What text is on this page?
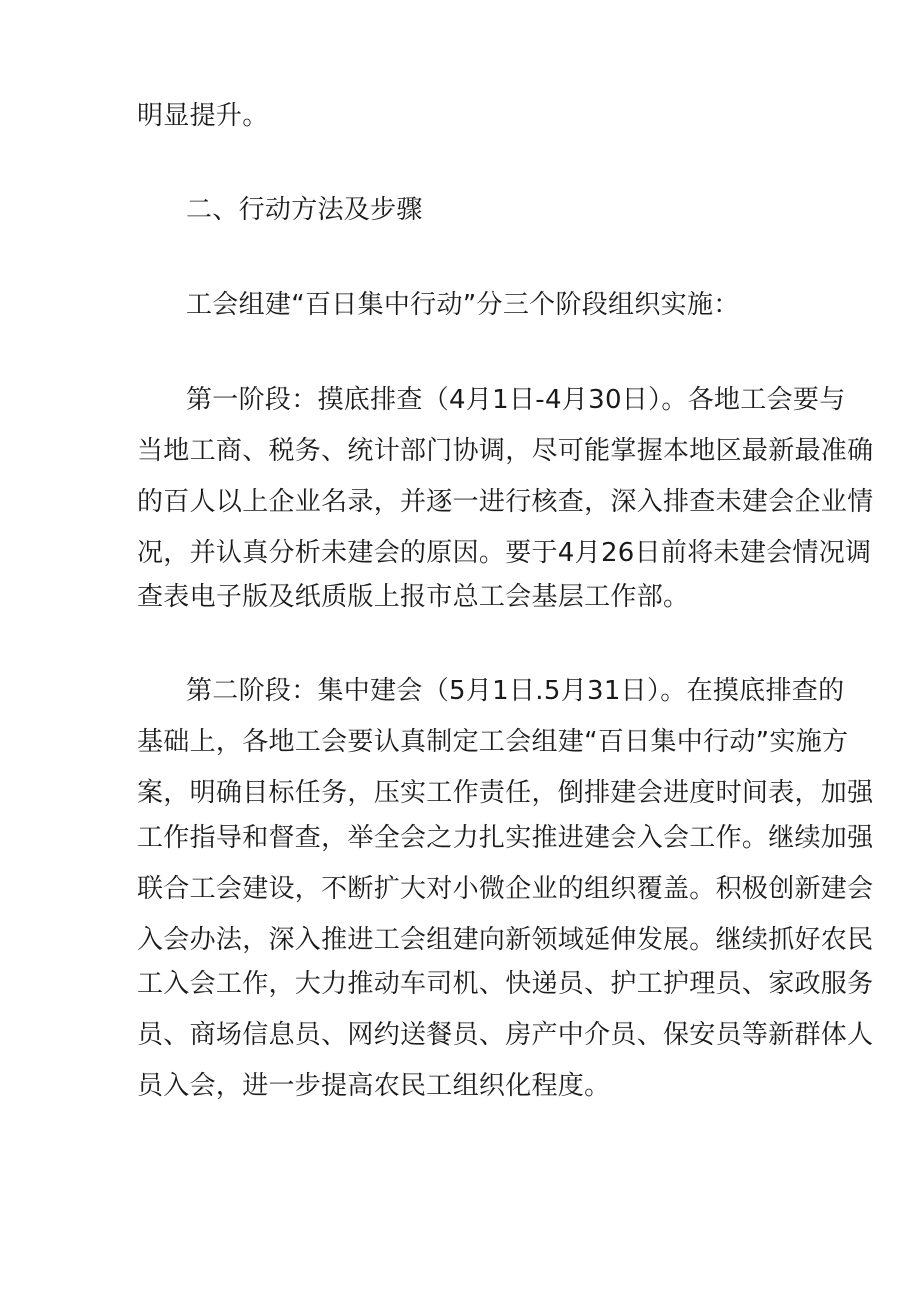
明显提升。
二、行动方法及步骤
工会组建“百日集中行动”分三个阶段组织实施：
第一阶段：摸底排查（4月1日-4月30日）。各地工会要与
当地工商、税务、统计部门协调，尽可能掌握本地区最新最准确
的百人以上企业名录，并逐一进行核查，深入排查未建会企业情
况，并认真分析未建会的原因。要于4月26日前将未建会情况调
查表电子版及纸质版上报市总工会基层工作部。
第二阶段：集中建会（5月1日.5月31日）。在摸底排查的
基础上，各地工会要认真制定工会组建“百日集中行动”实施方
案，明确目标任务，压实工作责任，倒排建会进度时间表，加强
工作指导和督查，举全会之力扎实推进建会入会工作。继续加强
联合工会建设，不断扩大对小微企业的组织覆盖。积极创新建会
入会办法，深入推进工会组建向新领域延伸发展。继续抓好农民
工入会工作，大力推动车司机、快递员、护工护理员、家政服务
员、商场信息员、网约送餐员、房产中介员、保安员等新群体人
员入会，进一步提高农民工组织化程度。
